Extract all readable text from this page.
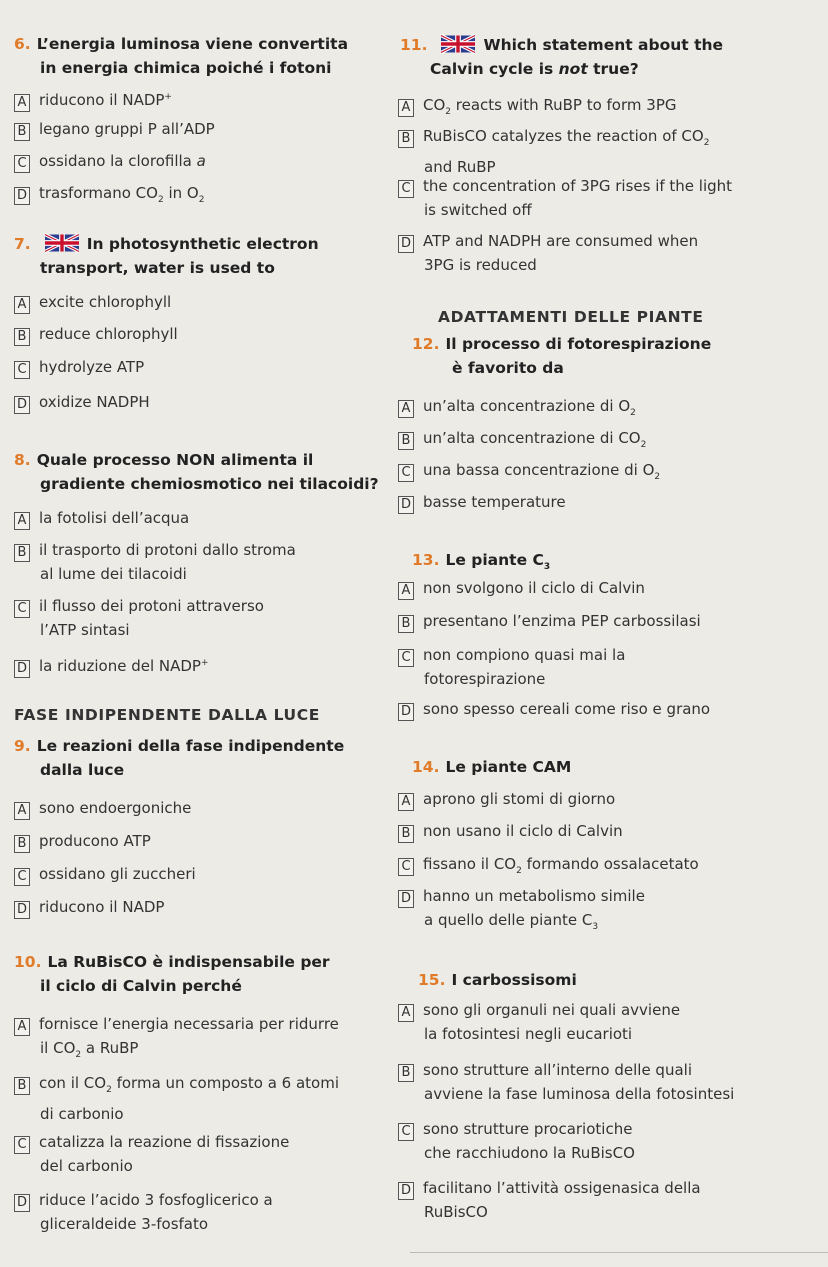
6. L’energia luminosa viene convertita
in energia chimica poiché i fotoni
A riducono il NADP+
B legano gruppi P all’ADP
C ossidano la clorofilla a
D trasformano $CO_2$ in $O_2$
7.	In photosynthetic electron
transport, water is used to
A excite chlorophyll
B reduce chlorophyll
C hydrolyze ATP
D oxidize NADPH
8. Quale processo NON alimenta il
gradiente chemiosmotico nei tilacoidi?
A la fotolisi dell’acqua
B il trasporto di protoni dallo stroma
al lume dei tilacoidi
C il flusso dei protoni attraverso
l’ATP sintasi
D la riduzione del NADP+
FASE INDIPENDENTE DALLA LUCE
9. Le reazioni della fase indipendente
dalla luce
A sono endoergoniche
B producono ATP
C ossidano gli zuccheri
D riducono il NADP
10. La RuBisCO è indispensabile per
il ciclo di Calvin perché
A fornisce l’energia necessaria per ridurre
il $CO_2$ a RuBP
B con il $CO_2$ forma un composto a 6 atomi
di carbonio
C catalizza la reazione di fissazione
del carbonio
D riduce l’acido 3 fosfoglicerico a
gliceraldeide 3-fosfato
11.	Which statement about the
Calvin cycle is not true?
A $CO_2$ reacts with RuBP to form 3PG
B RuBisCO catalyzes the reaction of $CO_2$
and RuBP
C the concentration of 3PG rises if the light
is switched off
D ATP and NADPH are consumed when
3PG is reduced
ADATTAMENTI DELLE PIANTE
12. Il processo di fotorespirazione
è favorito da
A un’alta concentrazione di $O_2$
B un’alta concentrazione di $CO_2$
C una bassa concentrazione di $O_2$
D basse temperature
13. Le piante $C_3$
A non svolgono il ciclo di Calvin
B presentano l’enzima PEP carbossilasi
C non compiono quasi mai la
fotorespirazione
D sono spesso cereali come riso e grano
14. Le piante CAM
A aprono gli stomi di giorno
B non usano il ciclo di Calvin
C fissano il $CO_2$ formando ossalacetato
D hanno un metabolismo simile
a quello delle piante $C_3$
15. I carbossisomi
A sono gli organuli nei quali avviene
la fotosintesi negli eucarioti
B sono strutture all’interno delle quali
avviene la fase luminosa della fotosintesi
C sono strutture procariotiche
che racchiudono la RuBisCO
D facilitano l’attività ossigenasica della
RuBisCO
